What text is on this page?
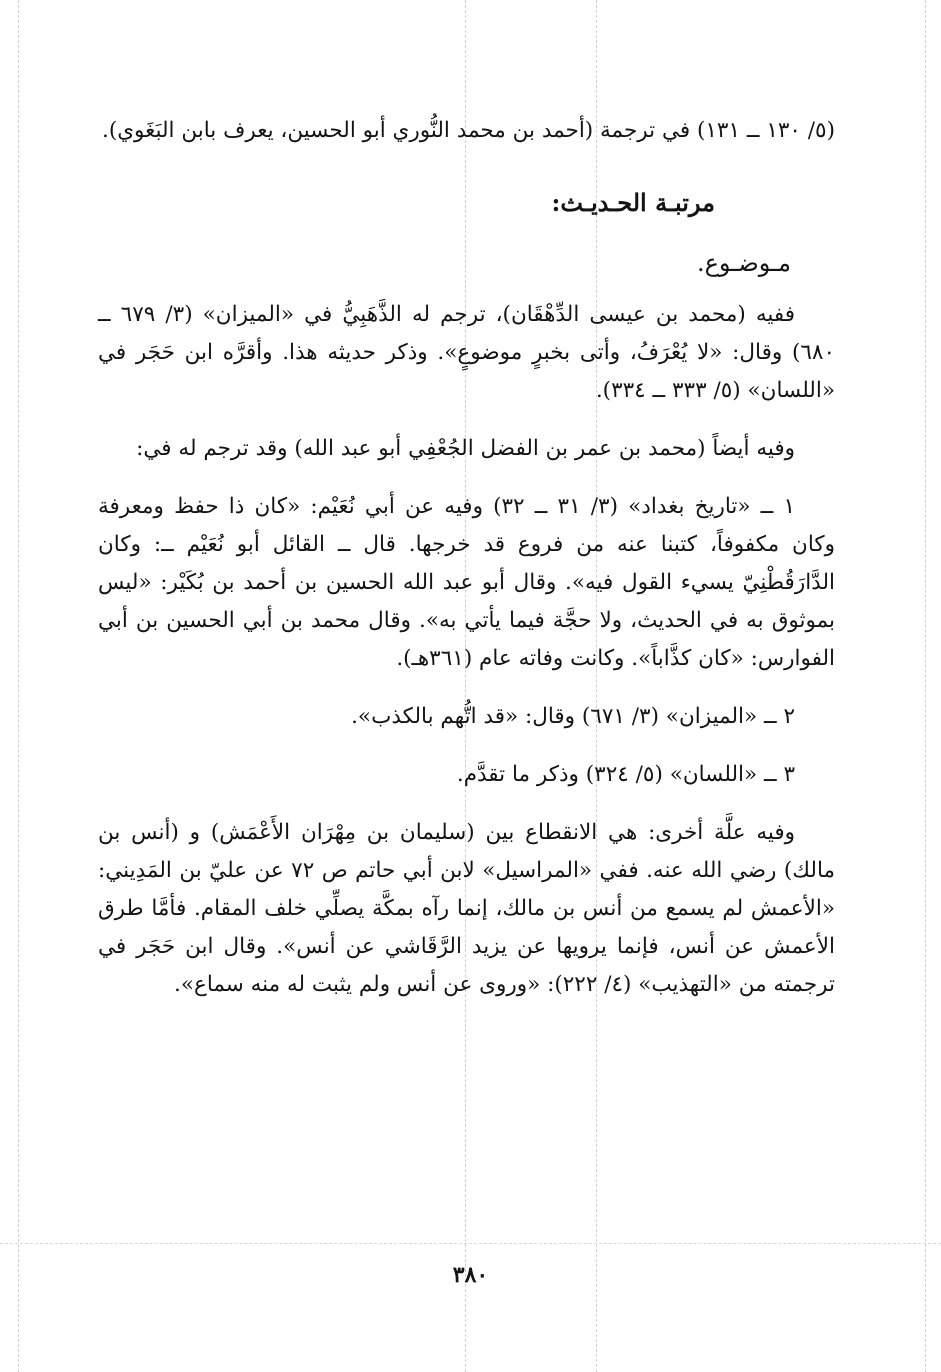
(٥/ ١٣٠ ــ ١٣١) في ترجمة (أحمد بن محمد النُّوري أبو الحسين، يعرف بابن البَغَوي).

مرتبـة الحـديـث:

مـوضـوع.

ففيه (محمد بن عيسى الدِّهْقَان)، ترجم له الذَّهَبِيُّ في «الميزان» (٣/ ٦٧٩ ــ ٦٨٠) وقال: «لا يُعْرَفُ، وأتى بخبرٍ موضوعٍ». وذكر حديثه هذا. وأقرَّه ابن حَجَر في «اللسان» (٥/ ٣٣٣ ــ ٣٣٤).

وفيه أيضاً (محمد بن عمر بن الفضل الجُعْفِي أبو عبد الله) وقد ترجم له في:

١ ــ «تاريخ بغداد» (٣/ ٣١ ــ ٣٢) وفيه عن أبي نُعَيْم: «كان ذا حفظ ومعرفة وكان مكفوفاً، كتبنا عنه من فروع قد خرجها. قال ــ القائل أبو نُعَيْم ــ: وكان الدَّارَقُطْنِيّ يسيء القول فيه». وقال أبو عبد الله الحسين بن أحمد بن بُكَيْر: «ليس بموثوق به في الحديث، ولا حجَّة فيما يأتي به». وقال محمد بن أبي الحسين بن أبي الفوارس: «كان كذَّاباً». وكانت وفاته عام (٣٦١هـ).

٢ ــ «الميزان» (٣/ ٦٧١) وقال: «قد اتُّهم بالكذب».

٣ ــ «اللسان» (٥/ ٣٢٤) وذكر ما تقدَّم.

وفيه علَّة أخرى: هي الانقطاع بين (سليمان بن مِهْرَان الأَعْمَش) و (أنس بن مالك) رضي الله عنه. ففي «المراسيل» لابن أبي حاتم ص ٧٢ عن عليّ بن المَدِيني: «الأعمش لم يسمع من أنس بن مالك، إنما رآه بمكَّة يصلِّي خلف المقام. فأمَّا طرق الأعمش عن أنس، فإنما يرويها عن يزيد الرَّقَاشي عن أنس». وقال ابن حَجَر في ترجمته من «التهذيب» (٤/ ٢٢٢): «وروى عن أنس ولم يثبت له منه سماع».

٣٨٠
